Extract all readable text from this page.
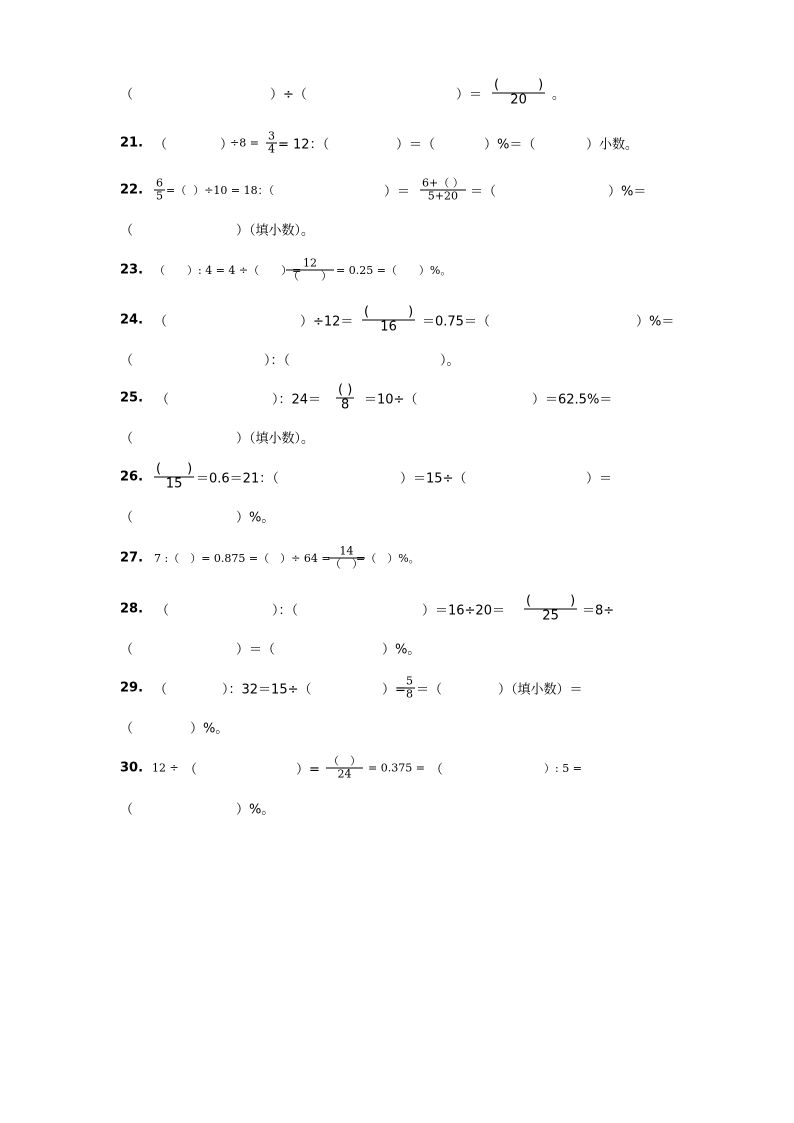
（	）÷（	）＝ $\frac{( )}{20}$ 。
21. （	）
$\div 8 = \frac{3}{4} = 12$：（	）＝（	）%＝（	）小数。
22. $\frac{6}{5}$ =（  ）÷10 = 18：（	）＝ $\frac{6+( )}{5+20}$ ＝（	）%＝
（	）（填小数）。
23. （　　）: 4 = 4 ÷（　　）=
$\frac{12}{( )} = 0.25$ =（　　）%。
24. （	）$\div 12= \frac{( )}{16} =0.75=$（	）%＝
（	）：（	）。
25. （	）：$24= \frac{( )}{8} =10\div$（	）＝62.5%＝
（	）（填小数）。
26. $\frac{( )}{15} =0.6=21$：（	）＝15÷（	）＝
（	）%。
27. 7 :（　）= 0.875 =（　）÷ 64 =
$\frac{14}{( )}$
=（　）%。
28. （	）：（	）$=16\div 20= \frac{( )}{25} =8\div$
（	）＝（	）%。
29. （	）：32＝15÷（	）=
$\frac{5}{8}$ ＝（	）（填小数）＝
（	）%。
30. 12 ÷ （	）= $\frac{( )}{24} = 0.375$ = （	）: 5 =
（	）%。
